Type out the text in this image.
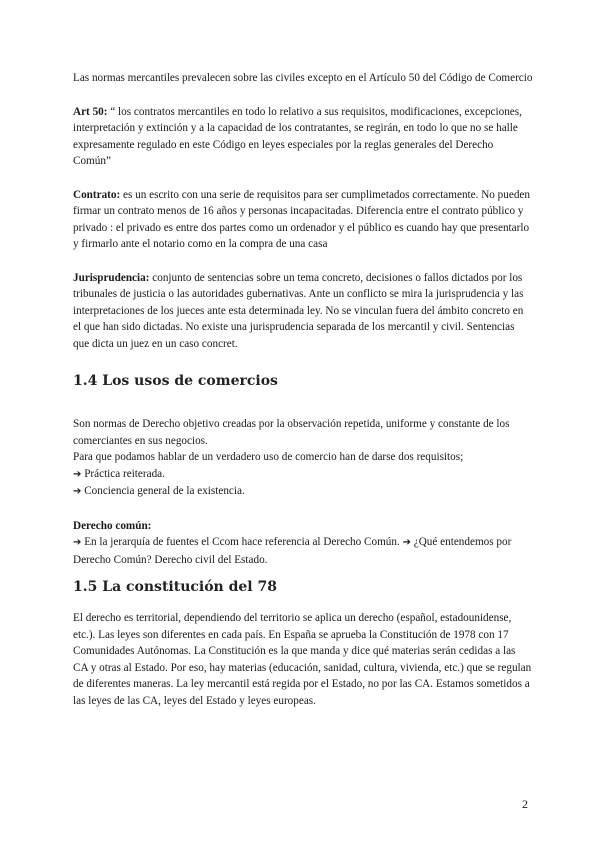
Las normas mercantiles prevalecen sobre las civiles excepto en el Artículo 50 del Código de Comercio

Art 50: “ los contratos mercantiles en todo lo relativo a sus requisitos, modificaciones, excepciones, interpretación y extinción y a la capacidad de los contratantes, se regirán, en todo lo que no se halle expresamente regulado en este Código en leyes especiales por la reglas generales del Derecho Común”

Contrato: es un escrito con una serie de requisitos para ser cumplimetados correctamente. No pueden firmar un contrato menos de 16 años y personas incapacitadas. Diferencia entre el contrato público y privado : el privado es entre dos partes como un ordenador y el público es cuando hay que presentarlo y firmarlo ante el notario como en la compra de una casa

Jurisprudencia: conjunto de sentencias sobre un tema concreto, decisiones o fallos dictados por los tribunales de justicia o las autoridades gubernativas. Ante un conflicto se mira la jurisprudencia y las interpretaciones de los jueces ante esta determinada ley. No se vinculan fuera del ámbito concreto en el que han sido dictadas. No existe una jurisprudencia separada de los mercantil y civil. Sentencias que dicta un juez en un caso concret.

1.4 Los usos de comercios

Son normas de Derecho objetivo creadas por la observación repetida, uniforme y constante de los comerciantes en sus negocios.

Para que podamos hablar de un verdadero uso de comercio han de darse dos requisitos;

➔ Práctica reiterada.

➔ Conciencia general de la existencia.

Derecho común:

➔ En la jerarquía de fuentes el Ccom hace referencia al Derecho Común. ➔ ¿Qué entendemos por Derecho Común? Derecho civil del Estado.

1.5 La constitución del 78

El derecho es territorial, dependiendo del territorio se aplica un derecho (español, estadounidense, etc.). Las leyes son diferentes en cada país. En España se aprueba la Constitución de 1978 con 17 Comunidades Autónomas. La Constitución es la que manda y dice qué materias serán cedidas a las CA y otras al Estado. Por eso, hay materias (educación, sanidad, cultura, vivienda, etc.) que se regulan de diferentes maneras. La ley mercantil está regida por el Estado, no por las CA. Estamos sometidos a las leyes de las CA, leyes del Estado y leyes europeas.

2
